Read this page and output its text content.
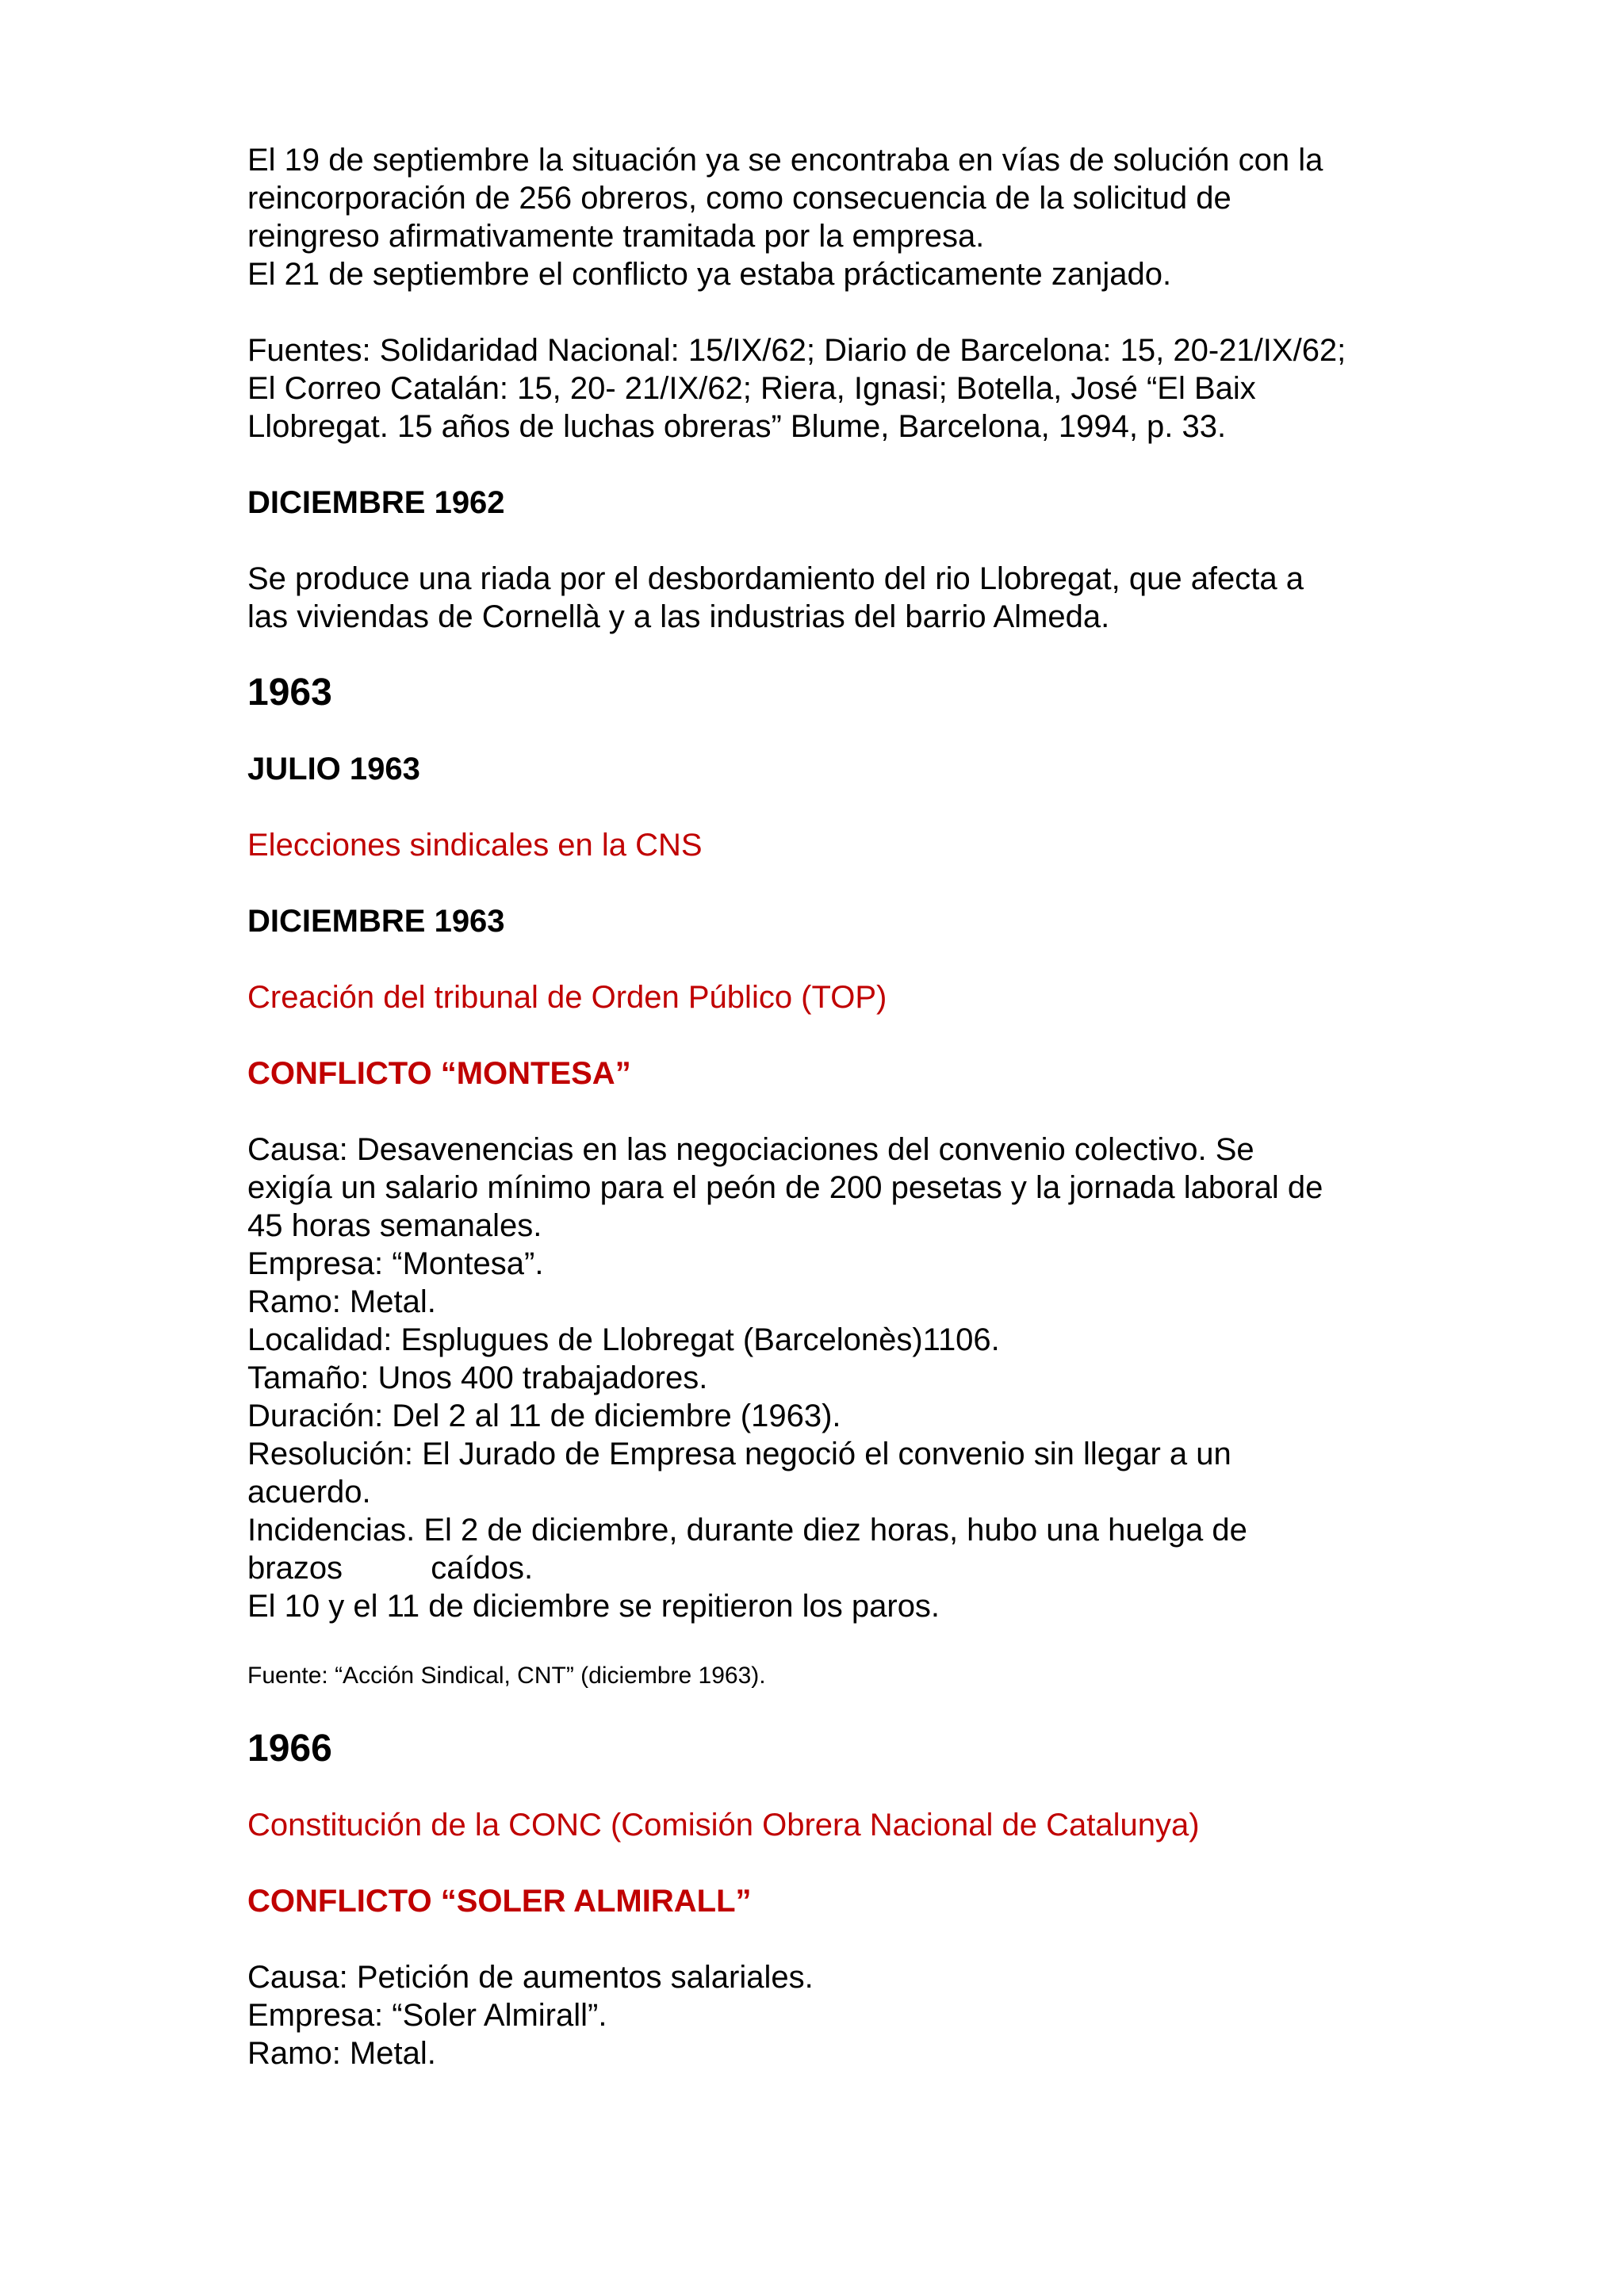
El 19 de septiembre la situación ya se encontraba en vías de solución con la

reincorporación de 256 obreros, como consecuencia de la solicitud de

reingreso afirmativamente tramitada por la empresa.

El 21 de septiembre el conflicto ya estaba prácticamente zanjado.

Fuentes: Solidaridad Nacional: 15/IX/62; Diario de Barcelona: 15, 20-21/IX/62;

El Correo Catalán: 15, 20- 21/IX/62; Riera, Ignasi; Botella, José “El Baix

Llobregat. 15 años de luchas obreras” Blume, Barcelona, 1994, p. 33.

DICIEMBRE 1962

Se produce una riada por el desbordamiento del rio Llobregat, que afecta a

las viviendas de Cornellà y a las industrias del barrio Almeda.

1963
JULIO 1963

Elecciones sindicales en la CNS

DICIEMBRE 1963

Creación del tribunal de Orden Público (TOP)

CONFLICTO “MONTESA”

Causa: Desavenencias en las negociaciones del convenio colectivo. Se

exigía un salario mínimo para el peón de 200 pesetas y la jornada laboral de

45 horas semanales.

Empresa: “Montesa”.

Ramo: Metal.

Localidad: Esplugues de Llobregat (Barcelonès)1106.

Tamaño: Unos 400 trabajadores.

Duración: Del 2 al 11 de diciembre (1963).

Resolución: El Jurado de Empresa negoció el convenio sin llegar a un

acuerdo.

Incidencias. El 2 de diciembre, durante diez horas, hubo una huelga de

brazos          caídos.

El 10 y el 11 de diciembre se repitieron los paros.

Fuente: “Acción Sindical, CNT” (diciembre 1963).

1966

Constitución de la CONC (Comisión Obrera Nacional de Catalunya)

CONFLICTO “SOLER ALMIRALL”

Causa: Petición de aumentos salariales.

Empresa: “Soler Almirall”.

Ramo: Metal.
